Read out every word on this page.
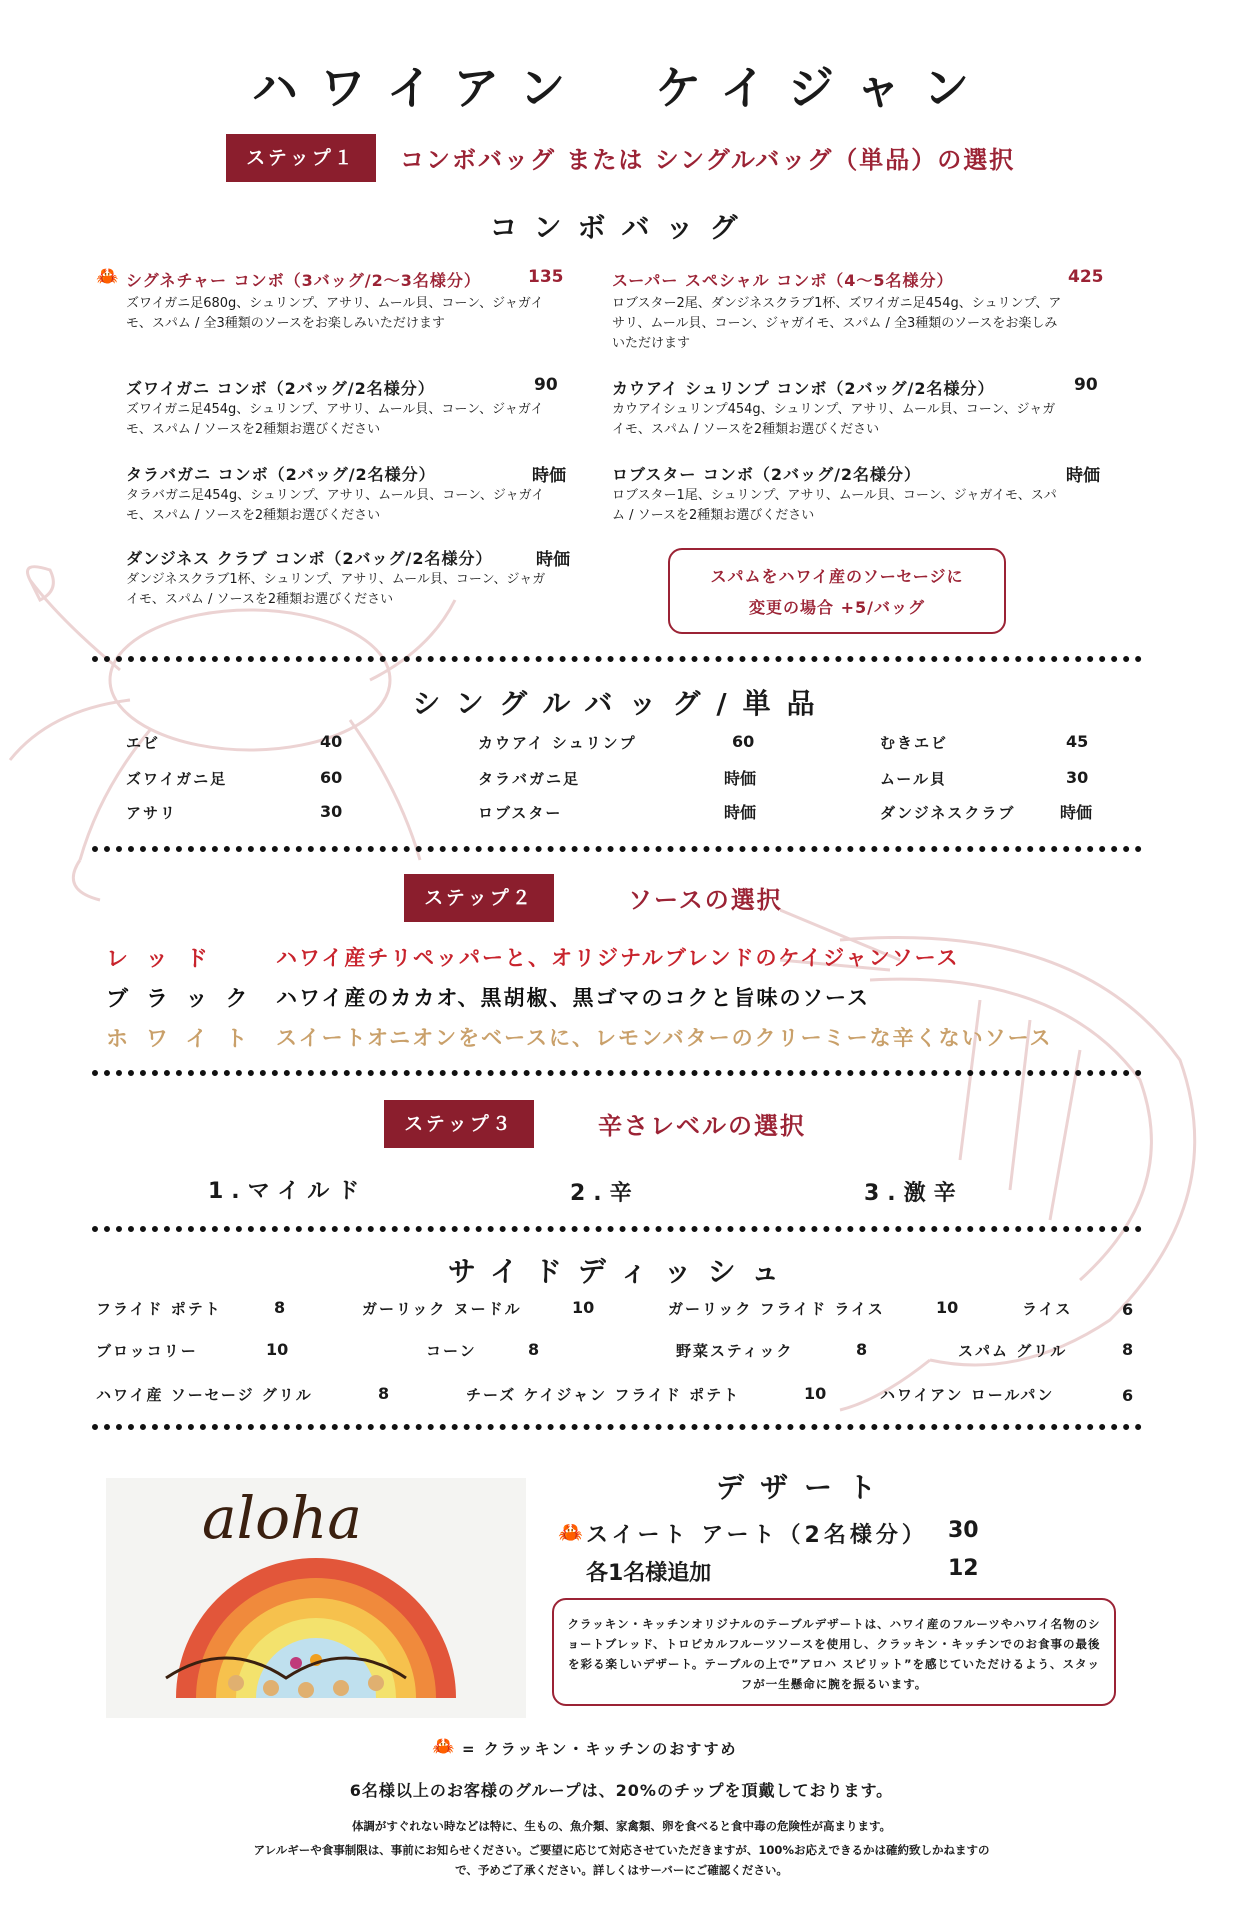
ハワイアン　ケイジャン
ステップ１	コンボバッグ または シングルバッグ（単品）の選択
コンボバッグ
🦀 シグネチャー コンボ（3バッグ/2〜3名様分）	135
ズワイガニ足680g、シュリンプ、アサリ、ムール貝、コーン、ジャガイモ、スパム / 全3種類のソースをお楽しみいただけます
スーパー スペシャル コンボ（4〜5名様分）	425
ロブスター2尾、ダンジネスクラブ1杯、ズワイガニ足454g、シュリンプ、アサリ、ムール貝、コーン、ジャガイモ、スパム / 全3種類のソースをお楽しみいただけます
ズワイガニ コンボ（2バッグ/2名様分）	90
ズワイガニ足454g、シュリンプ、アサリ、ムール貝、コーン、ジャガイモ、スパム / ソースを2種類お選びください
カウアイ シュリンプ コンボ（2バッグ/2名様分）	90
カウアイシュリンプ454g、シュリンプ、アサリ、ムール貝、コーン、ジャガイモ、スパム / ソースを2種類お選びください
タラバガニ コンボ（2バッグ/2名様分）	時価
タラバガニ足454g、シュリンプ、アサリ、ムール貝、コーン、ジャガイモ、スパム / ソースを2種類お選びください
ロブスター コンボ（2バッグ/2名様分）	時価
ロブスター1尾、シュリンプ、アサリ、ムール貝、コーン、ジャガイモ、スパム / ソースを2種類お選びください
ダンジネス クラブ コンボ（2バッグ/2名様分）	時価
ダンジネスクラブ1杯、シュリンプ、アサリ、ムール貝、コーン、ジャガイモ、スパム / ソースを2種類お選びください
スパムをハワイ産のソーセージに
変更の場合 +5/バッグ
シングルバッグ/単品
エビ	40	カウアイ シュリンプ	60	むきエビ	45
ズワイガニ足	60	タラバガニ足	時価	ムール貝	30
アサリ	30	ロブスター	時価	ダンジネスクラブ	時価
ステップ２	ソースの選択
レッド ハワイ産チリペッパーと、オリジナルブレンドのケイジャンソース
ブラック ハワイ産のカカオ、黒胡椒、黒ゴマのコクと旨味のソース
ホワイト スイートオニオンをベースに、レモンバターのクリーミーな辛くないソース
ステップ３	辛さレベルの選択
1.マイルド	2.辛	3.激辛
サイドディッシュ
フライド ポテト	8	ガーリック ヌードル	10	ガーリック フライド ライス	10	ライス	6
ブロッコリー	10	コーン	8	野菜スティック	8	スパム グリル	8
ハワイ産 ソーセージ グリル	8	チーズ ケイジャン フライド ポテト	10	ハワイアン ロールパン	6
aloha	デザート
🦀 スイート アート（2名様分） 30
各1名様追加	12
クラッキン・キッチンオリジナルのテーブルデザートは、ハワイ産のフルーツやハワイ名物のショートブレッド、トロピカルフルーツソースを使用し、クラッキン・キッチンでのお食事の最後を彩る楽しいデザート。テーブルの上で”アロハ スピリット”を感じていただけるよう、スタッフが一生懸命に腕を振るいます。
🦀 = クラッキン・キッチンのおすすめ
6名様以上のお客様のグループは、20%のチップを頂戴しております。
体調がすぐれない時などは特に、生もの、魚介類、家禽類、卵を食べると食中毒の危険性が高まります。
アレルギーや食事制限は、事前にお知らせください。ご要望に応じて対応させていただきますが、100%お応えできるかは確約致しかねますの
で、予めご了承ください。詳しくはサーバーにご確認ください。
